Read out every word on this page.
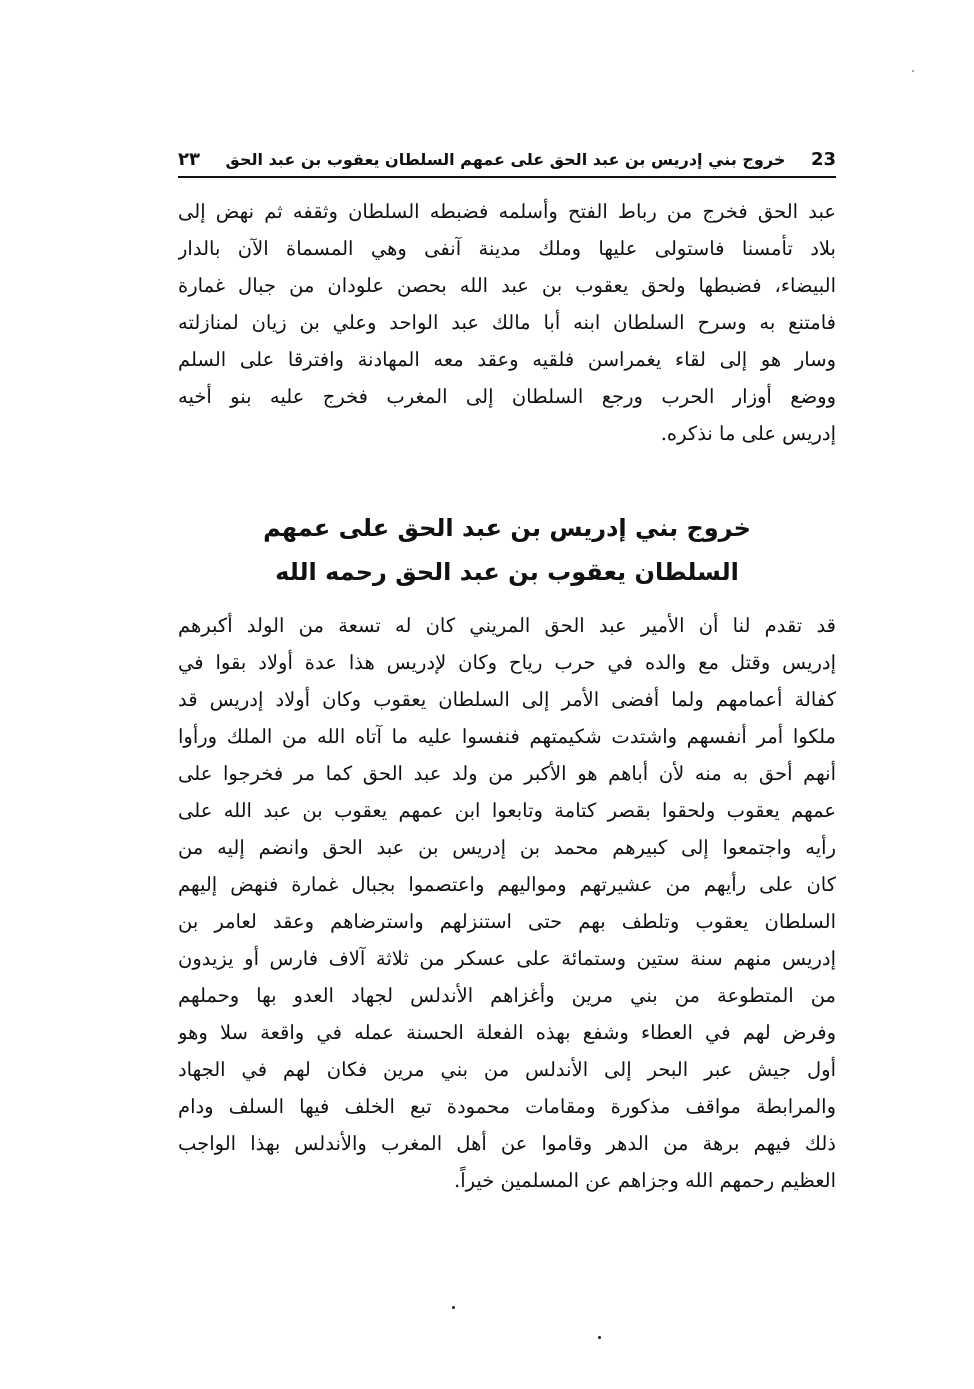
٢٣	خروج بني إدريس بن عبد الحق على عمهم السلطان يعقوب بن عبد الحق	23

عبد الحق فخرج من رباط الفتح وأسلمه فضبطه السلطان وثقفه ثم نهض إلى
بلاد تأمسنا فاستولى عليها وملك مدينة آنفى وهي المسماة الآن بالدار
البيضاء، فضبطها ولحق يعقوب بن عبد الله بحصن علودان من جبال غمارة
فامتنع به وسرح السلطان ابنه أبا مالك عبد الواحد وعلي بن زيان لمنازلته
وسار هو إلى لقاء يغمراسن فلقيه وعقد معه المهادنة وافترقا على السلم
ووضع أوزار الحرب ورجع السلطان إلى المغرب فخرج عليه بنو أخيه
إدريس على ما نذكره.

خروج بني إدريس بن عبد الحق على عمهم
السلطان يعقوب بن عبد الحق رحمه الله

قد تقدم لنا أن الأمير عبد الحق المريني كان له تسعة من الولد أكبرهم
إدريس وقتل مع والده في حرب رياح وكان لإدريس هذا عدة أولاد بقوا في
كفالة أعمامهم ولما أفضى الأمر إلى السلطان يعقوب وكان أولاد إدريس قد
ملكوا أمر أنفسهم واشتدت شكيمتهم فنفسوا عليه ما آتاه الله من الملك ورأوا
أنهم أحق به منه لأن أباهم هو الأكبر من ولد عبد الحق كما مر فخرجوا على
عمهم يعقوب ولحقوا بقصر كتامة وتابعوا ابن عمهم يعقوب بن عبد الله على
رأيه واجتمعوا إلى كبيرهم محمد بن إدريس بن عبد الحق وانضم إليه من
كان على رأيهم من عشيرتهم ومواليهم واعتصموا بجبال غمارة فنهض إليهم
السلطان يعقوب وتلطف بهم حتى استنزلهم واسترضاهم وعقد لعامر بن
إدريس منهم سنة ستين وستمائة على عسكر من ثلاثة آلاف فارس أو يزيدون
من المتطوعة من بني مرين وأغزاهم الأندلس لجهاد العدو بها وحملهم
وفرض لهم في العطاء وشفع بهذه الفعلة الحسنة عمله في واقعة سلا وهو
أول جيش عبر البحر إلى الأندلس من بني مرين فكان لهم في الجهاد
والمرابطة مواقف مذكورة ومقامات محمودة تبع الخلف فيها السلف ودام
ذلك فيهم برهة من الدهر وقاموا عن أهل المغرب والأندلس بهذا الواجب
العظيم رحمهم الله وجزاهم عن المسلمين خيراً.
